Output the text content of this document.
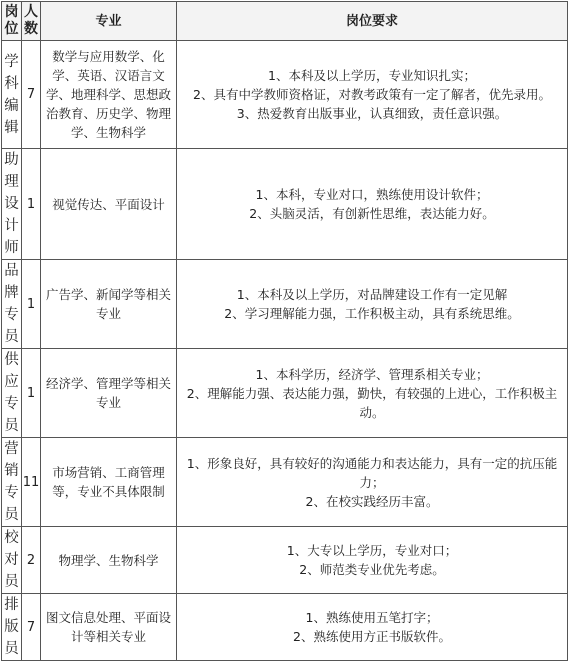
岗位	人数	专业	岗位要求
学科编辑	7	数学与应用数学、化学、英语、汉语言文学、地理科学、思想政治教育、历史学、物理学、生物科学	1、本科及以上学历，专业知识扎实；
2、具有中学教师资格证，对教考政策有一定了解者，优先录用。
3、热爱教育出版事业，认真细致，责任意识强。

助理设计师	1	视觉传达、平面设计	1、本科，专业对口，熟练使用设计软件；
2、头脑灵活，有创新性思维，表达能力好。

品牌专员	1	广告学、新闻学等相关专业	1、本科及以上学历，对品牌建设工作有一定见解
2、学习理解能力强，工作积极主动，具有系统思维。

供应专员	1	经济学、管理学等相关专业	1、本科学历，经济学、管理系相关专业；
2、理解能力强、表达能力强，勤快，有较强的上进心，工作积极主动。

营销专员	11	市场营销、工商管理等，专业不具体限制	1、形象良好，具有较好的沟通能力和表达能力，具有一定的抗压能力；
2、在校实践经历丰富。

校对员	2	物理学、生物科学	1、大专以上学历，专业对口；
2、师范类专业优先考虑。

排版员	7	图文信息处理、平面设计等相关专业	1、熟练使用五笔打字；
2、熟练使用方正书版软件。
